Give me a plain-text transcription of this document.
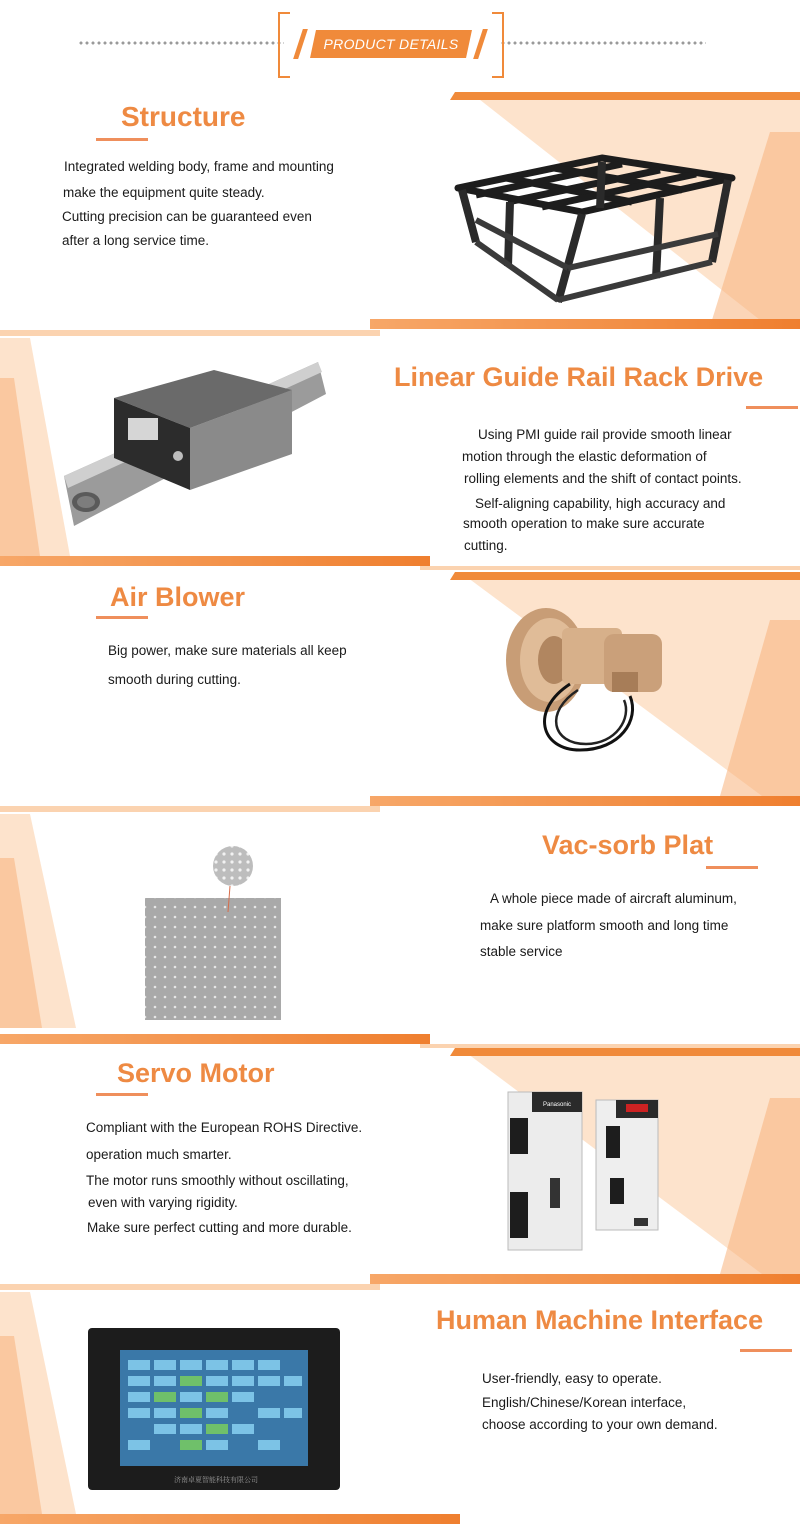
PRODUCT DETAILS
Structure
Integrated welding body, frame and mounting
make the equipment quite steady.
Cutting precision can be guaranteed even
after a long service time.
Linear Guide Rail Rack Drive
Using PMI guide rail provide smooth linear
motion through the elastic deformation of
rolling elements and the shift of contact points.
Self-aligning capability, high accuracy and
smooth operation to make sure accurate
cutting.
Air Blower
Big power, make sure materials all keep
smooth during cutting.
Vac-sorb Plat
A whole piece made of aircraft aluminum,
make sure platform smooth and long time
stable service
Servo Motor
Compliant with the European ROHS Directive.
operation much smarter.
The motor runs smoothly without oscillating,
even with varying rigidity.
Make sure perfect cutting and more durable.
Panasonic
济南卓夏智能科技有限公司
Human Machine Interface
User-friendly, easy to operate.
English/Chinese/Korean interface,
choose according to your own demand.
